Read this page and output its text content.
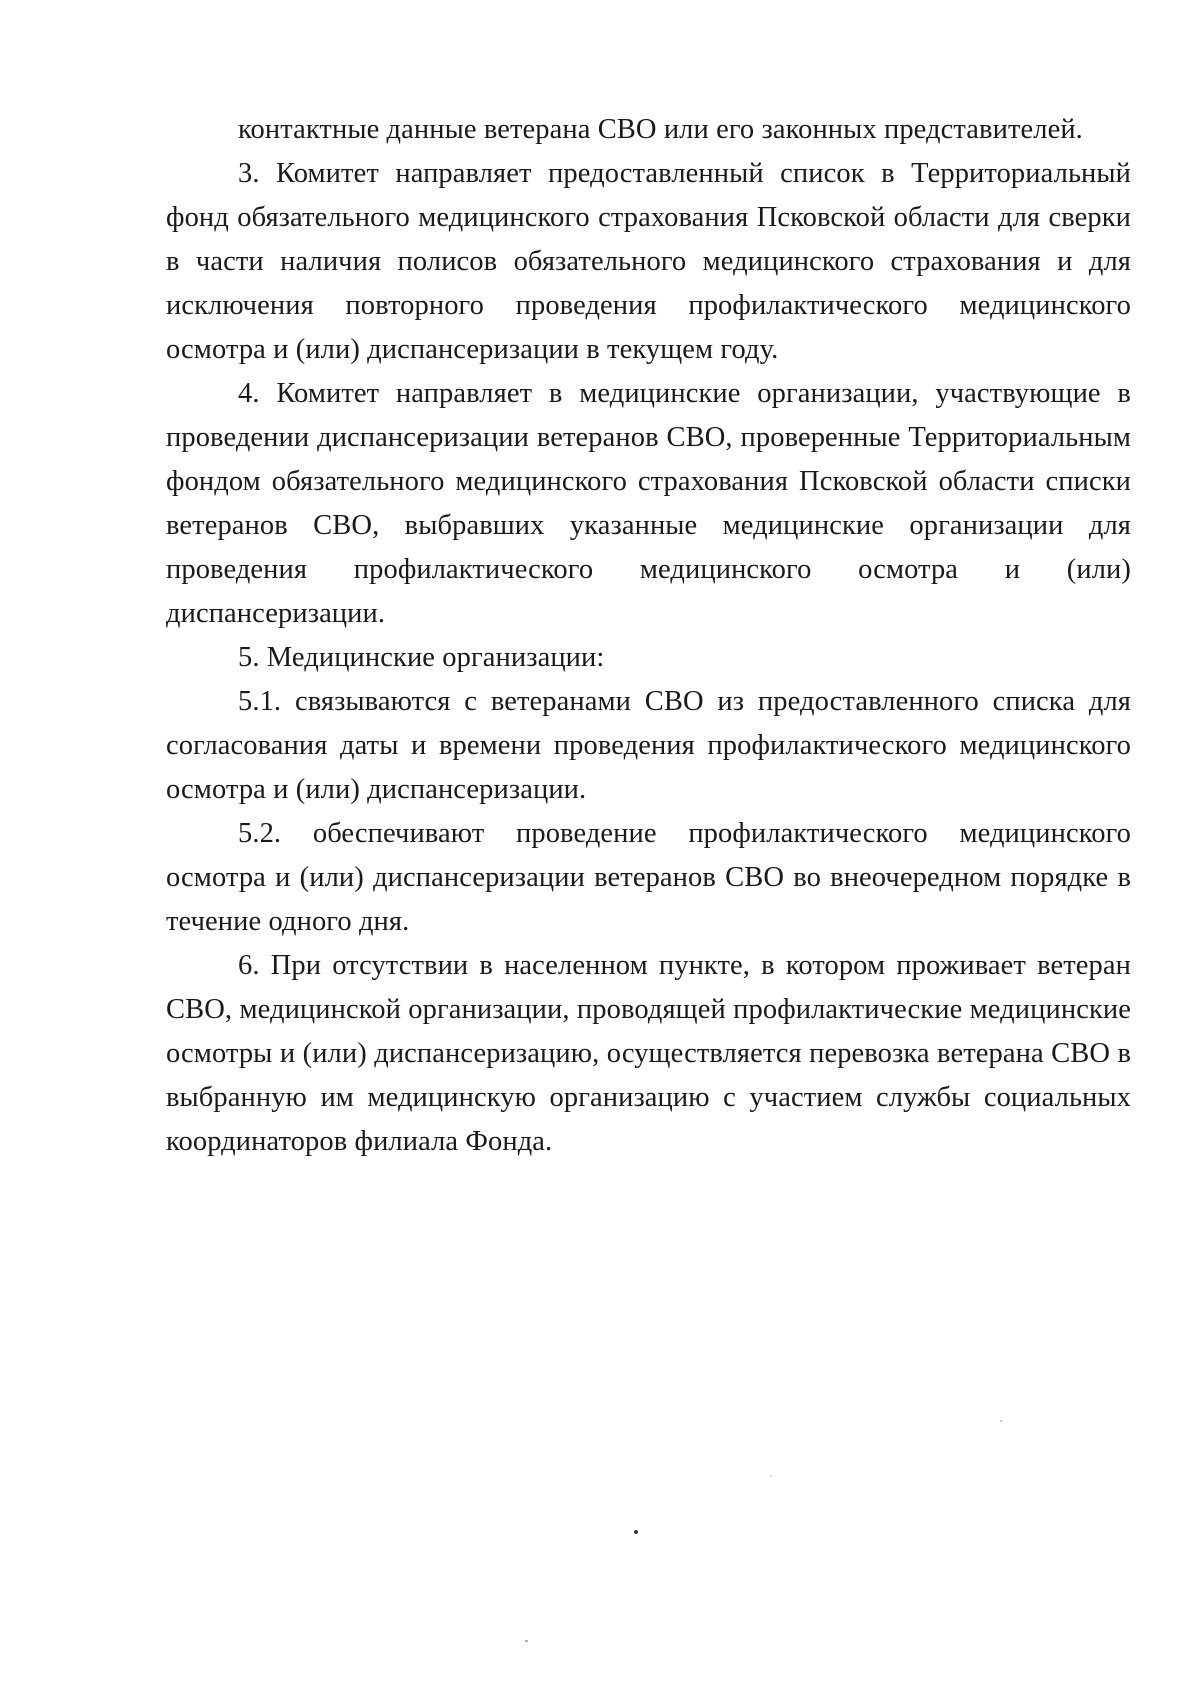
контактные данные ветерана СВО или его законных представителей.

3. Комитет направляет предоставленный список в Территориальный фонд обязательного медицинского страхования Псковской области для сверки в части наличия полисов обязательного медицинского страхования и для исключения повторного проведения профилактического медицинского осмотра и (или) диспансеризации в текущем году.

4. Комитет направляет в медицинские организации, участвующие в проведении диспансеризации ветеранов СВО, проверенные Территориальным фондом обязательного медицинского страхования Псковской области списки ветеранов СВО, выбравших указанные медицинские организации для проведения профилактического медицинского осмотра и (или) диспансеризации.

5. Медицинские организации:

5.1. связываются с ветеранами СВО из предоставленного списка для согласования даты и времени проведения профилактического медицинского осмотра и (или) диспансеризации.

5.2. обеспечивают проведение профилактического медицинского осмотра и (или) диспансеризации ветеранов СВО во внеочередном порядке в течение одного дня.

6. При отсутствии в населенном пункте, в котором проживает ветеран СВО, медицинской организации, проводящей профилактические медицинские осмотры и (или) диспансеризацию, осуществляется перевозка ветерана СВО в выбранную им медицинскую организацию с участием службы социальных координаторов филиала Фонда.
